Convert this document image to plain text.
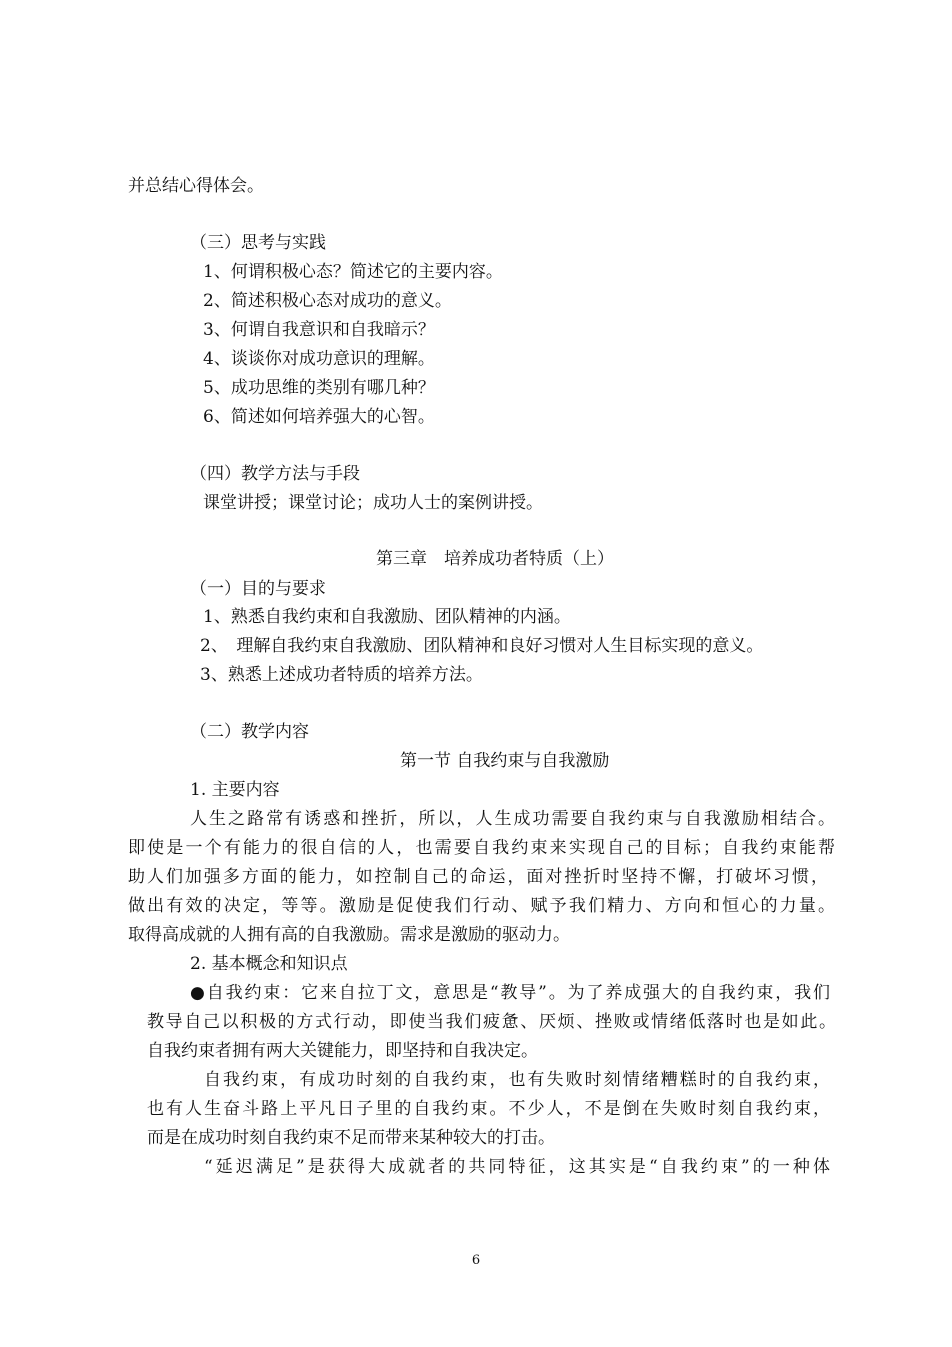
并总结心得体会。
（三）思考与实践
1、何谓积极心态？简述它的主要内容。
2、简述积极心态对成功的意义。
3、何谓自我意识和自我暗示？
4、谈谈你对成功意识的理解。
5、成功思维的类别有哪几种？
6、简述如何培养强大的心智。
（四）教学方法与手段
课堂讲授；课堂讨论；成功人士的案例讲授。
第三章　培养成功者特质（上）
（一）目的与要求
1、熟悉自我约束和自我激励、团队精神的内涵。
2、　理解自我约束自我激励、团队精神和良好习惯对人生目标实现的意义。
3、熟悉上述成功者特质的培养方法。
（二）教学内容
第一节 自我约束与自我激励
1. 主要内容
人生之路常有诱惑和挫折，所以，人生成功需要自我约束与自我激励相结合。
即使是一个有能力的很自信的人，也需要自我约束来实现自己的目标；自我约束能帮
助人们加强多方面的能力，如控制自己的命运，面对挫折时坚持不懈，打破坏习惯，
做出有效的决定，等等。激励是促使我们行动、赋予我们精力、方向和恒心的力量。
取得高成就的人拥有高的自我激励。需求是激励的驱动力。
2. 基本概念和知识点
●自我约束：它来自拉丁文，意思是“教导”。为了养成强大的自我约束，我们
教导自己以积极的方式行动，即使当我们疲惫、厌烦、挫败或情绪低落时也是如此。
自我约束者拥有两大关键能力，即坚持和自我决定。
自我约束，有成功时刻的自我约束，也有失败时刻情绪糟糕时的自我约束，
也有人生奋斗路上平凡日子里的自我约束。不少人，不是倒在失败时刻自我约束，
而是在成功时刻自我约束不足而带来某种较大的打击。
“延迟满足”是获得大成就者的共同特征，这其实是“自我约束”的一种体
6
